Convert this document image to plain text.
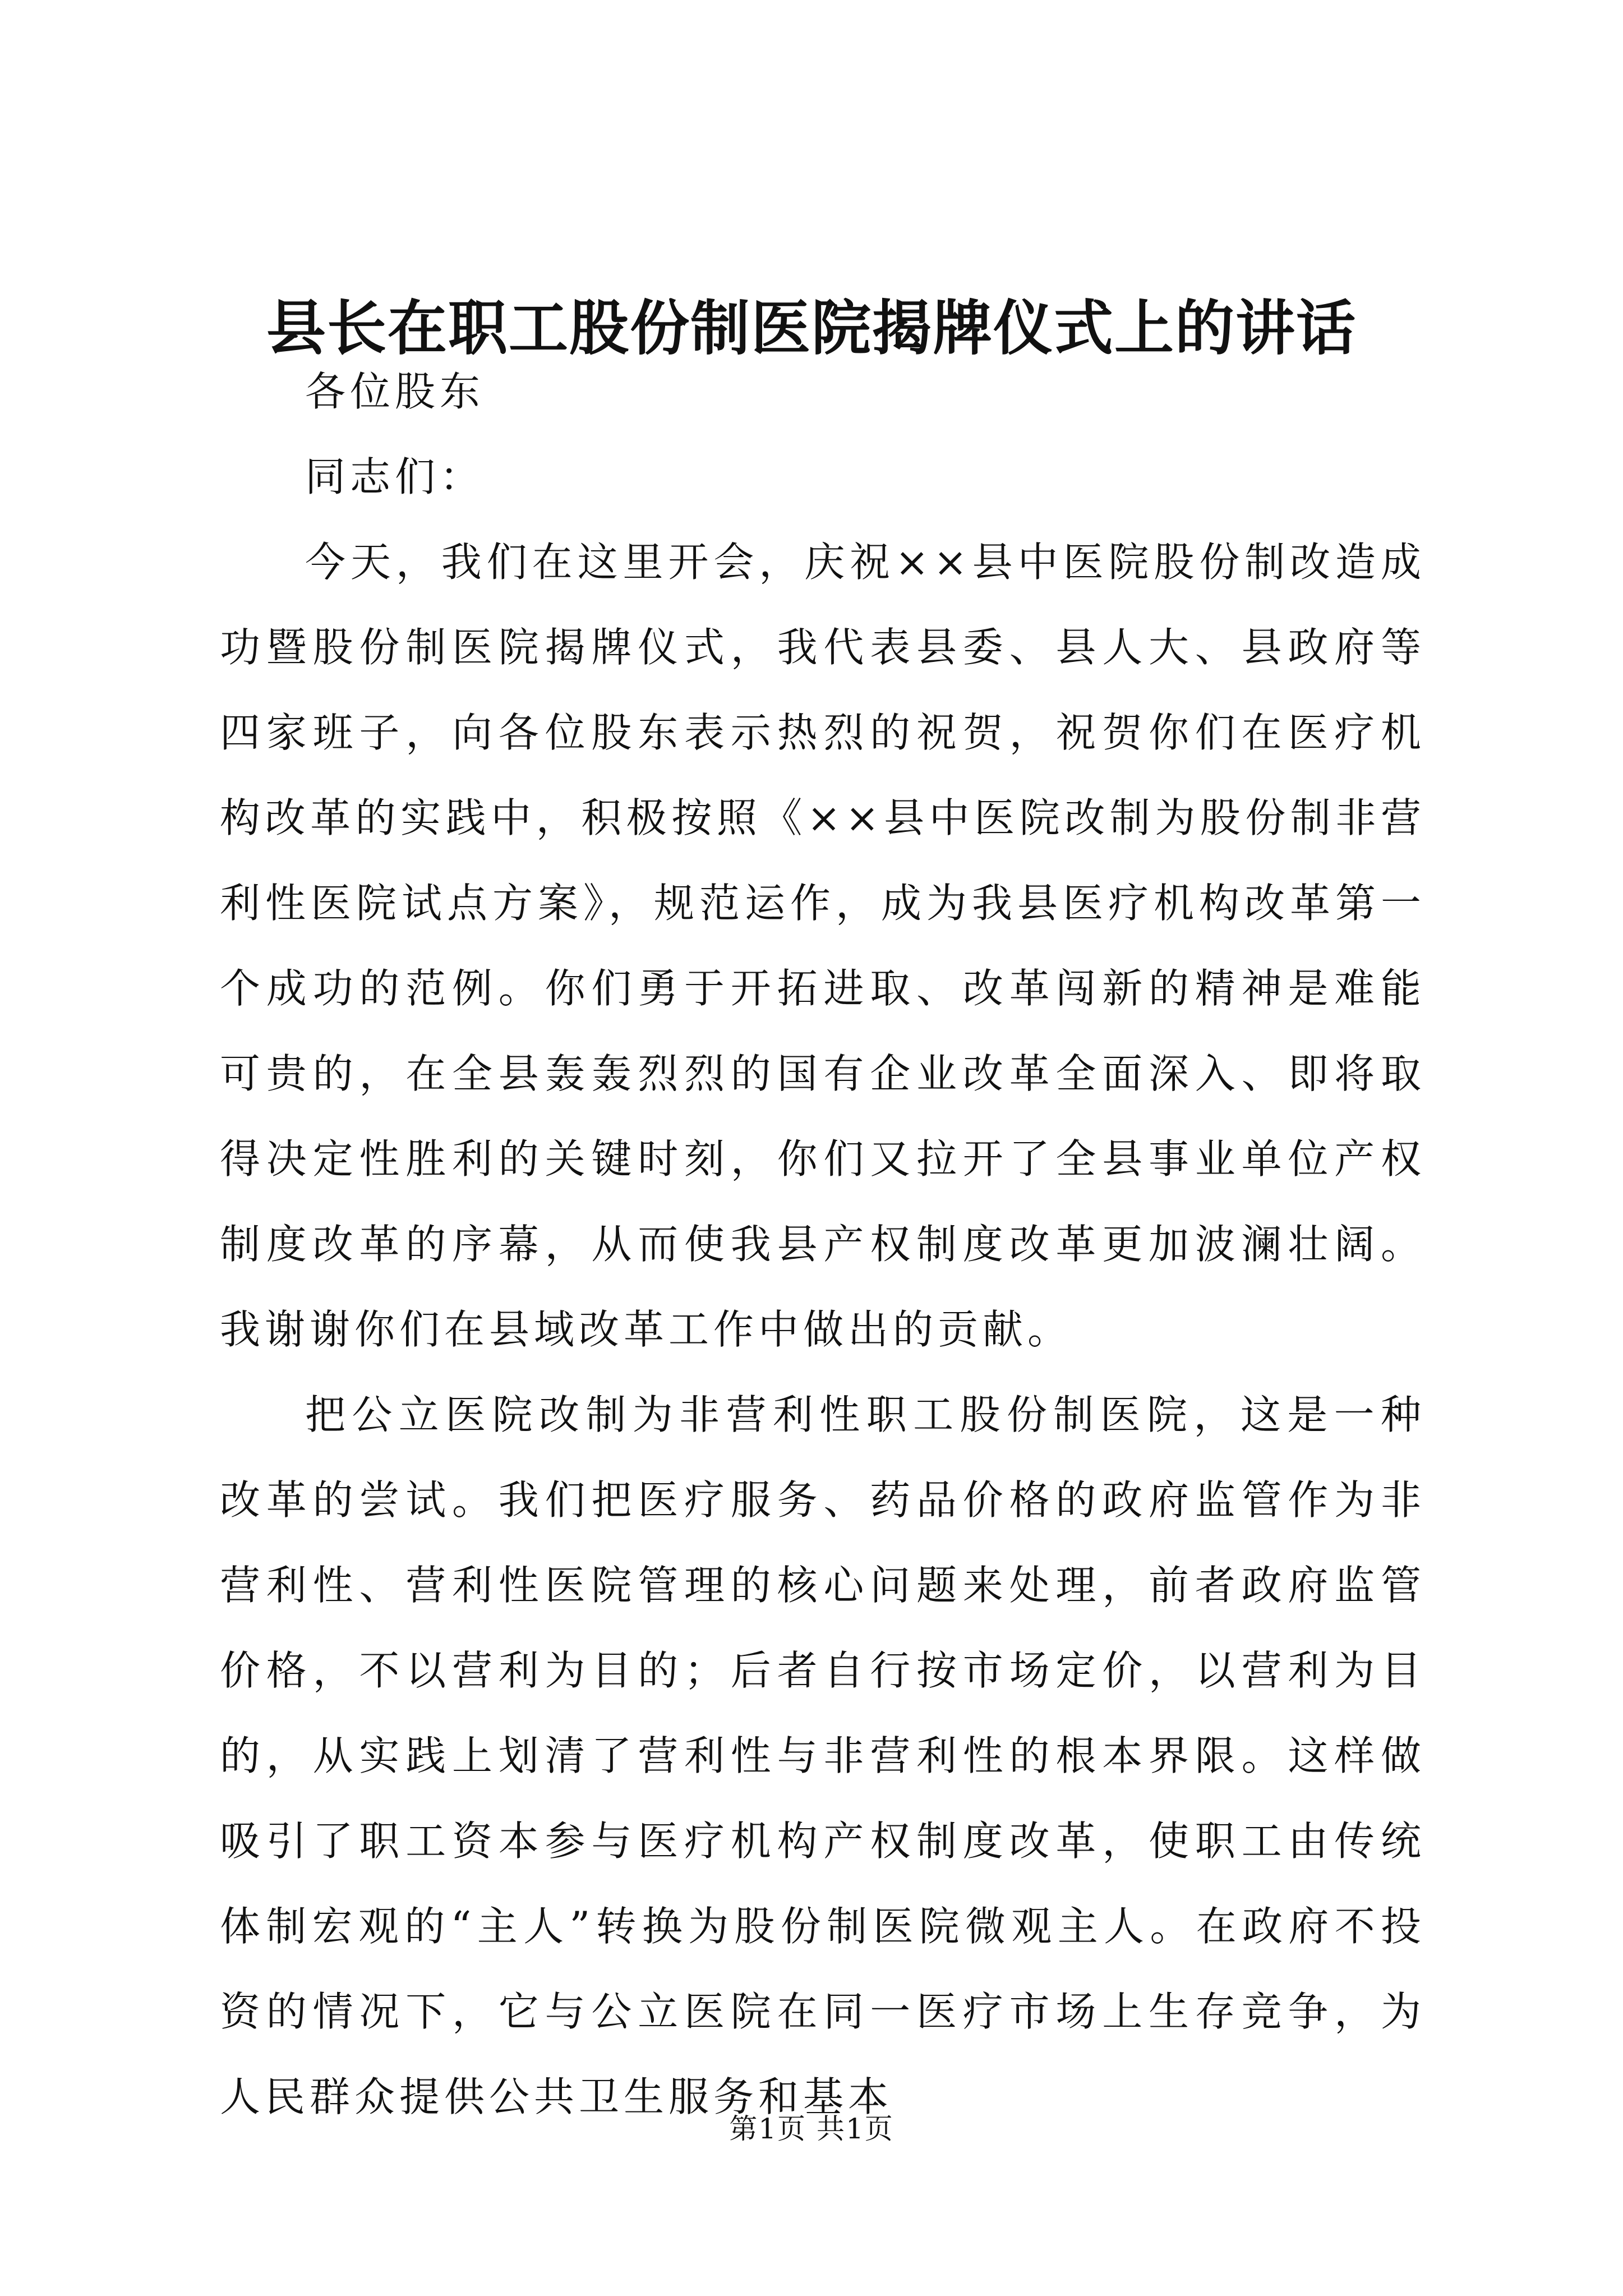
县长在职工股份制医院揭牌仪式上的讲话

各位股东

同志们：

今天，我们在这里开会，庆祝××县中医院股份制改造成功暨股份制医院揭牌仪式，我代表县委、县人大、县政府等四家班子，向各位股东表示热烈的祝贺，祝贺你们在医疗机构改革的实践中，积极按照《××县中医院改制为股份制非营利性医院试点方案》，规范运作，成为我县医疗机构改革第一个成功的范例。你们勇于开拓进取、改革闯新的精神是难能可贵的，在全县轰轰烈烈的国有企业改革全面深入、即将取得决定性胜利的关键时刻，你们又拉开了全县事业单位产权制度改革的序幕，从而使我县产权制度改革更加波澜壮阔。我谢谢你们在县域改革工作中做出的贡献。

把公立医院改制为非营利性职工股份制医院，这是一种改革的尝试。我们把医疗服务、药品价格的政府监管作为非营利性、营利性医院管理的核心问题来处理，前者政府监管价格，不以营利为目的；后者自行按市场定价，以营利为目的，从实践上划清了营利性与非营利性的根本界限。这样做吸引了职工资本参与医疗机构产权制度改革，使职工由传统体制宏观的“主人”转换为股份制医院微观主人。在政府不投资的情况下，它与公立医院在同一医疗市场上生存竞争，为人民群众提供公共卫生服务和基本

第1页 共1页
